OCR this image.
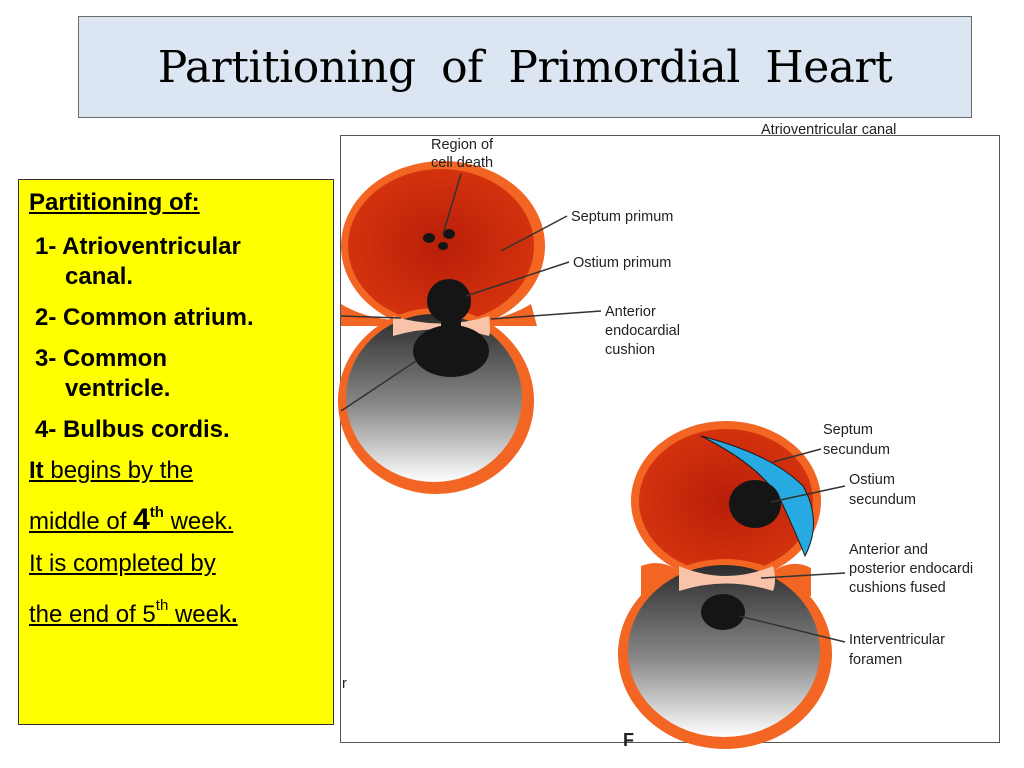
Partitioning of Primordial Heart

Partitioning of:

1- Atrioventricular
canal.

2- Common atrium.

3- Common
ventricle.

4- Bulbus cordis.

It begins by the

middle of 4th week.

It is completed by

the end of 5th week.

Atrioventricular canal
Region of
cell death
Septum primum
Ostium primum
Anterior
endocardial
cushion
Septum
secundum
Ostium
secundum
Anterior and
posterior endocardi
cushions fused
Interventricular
foramen
r
F
